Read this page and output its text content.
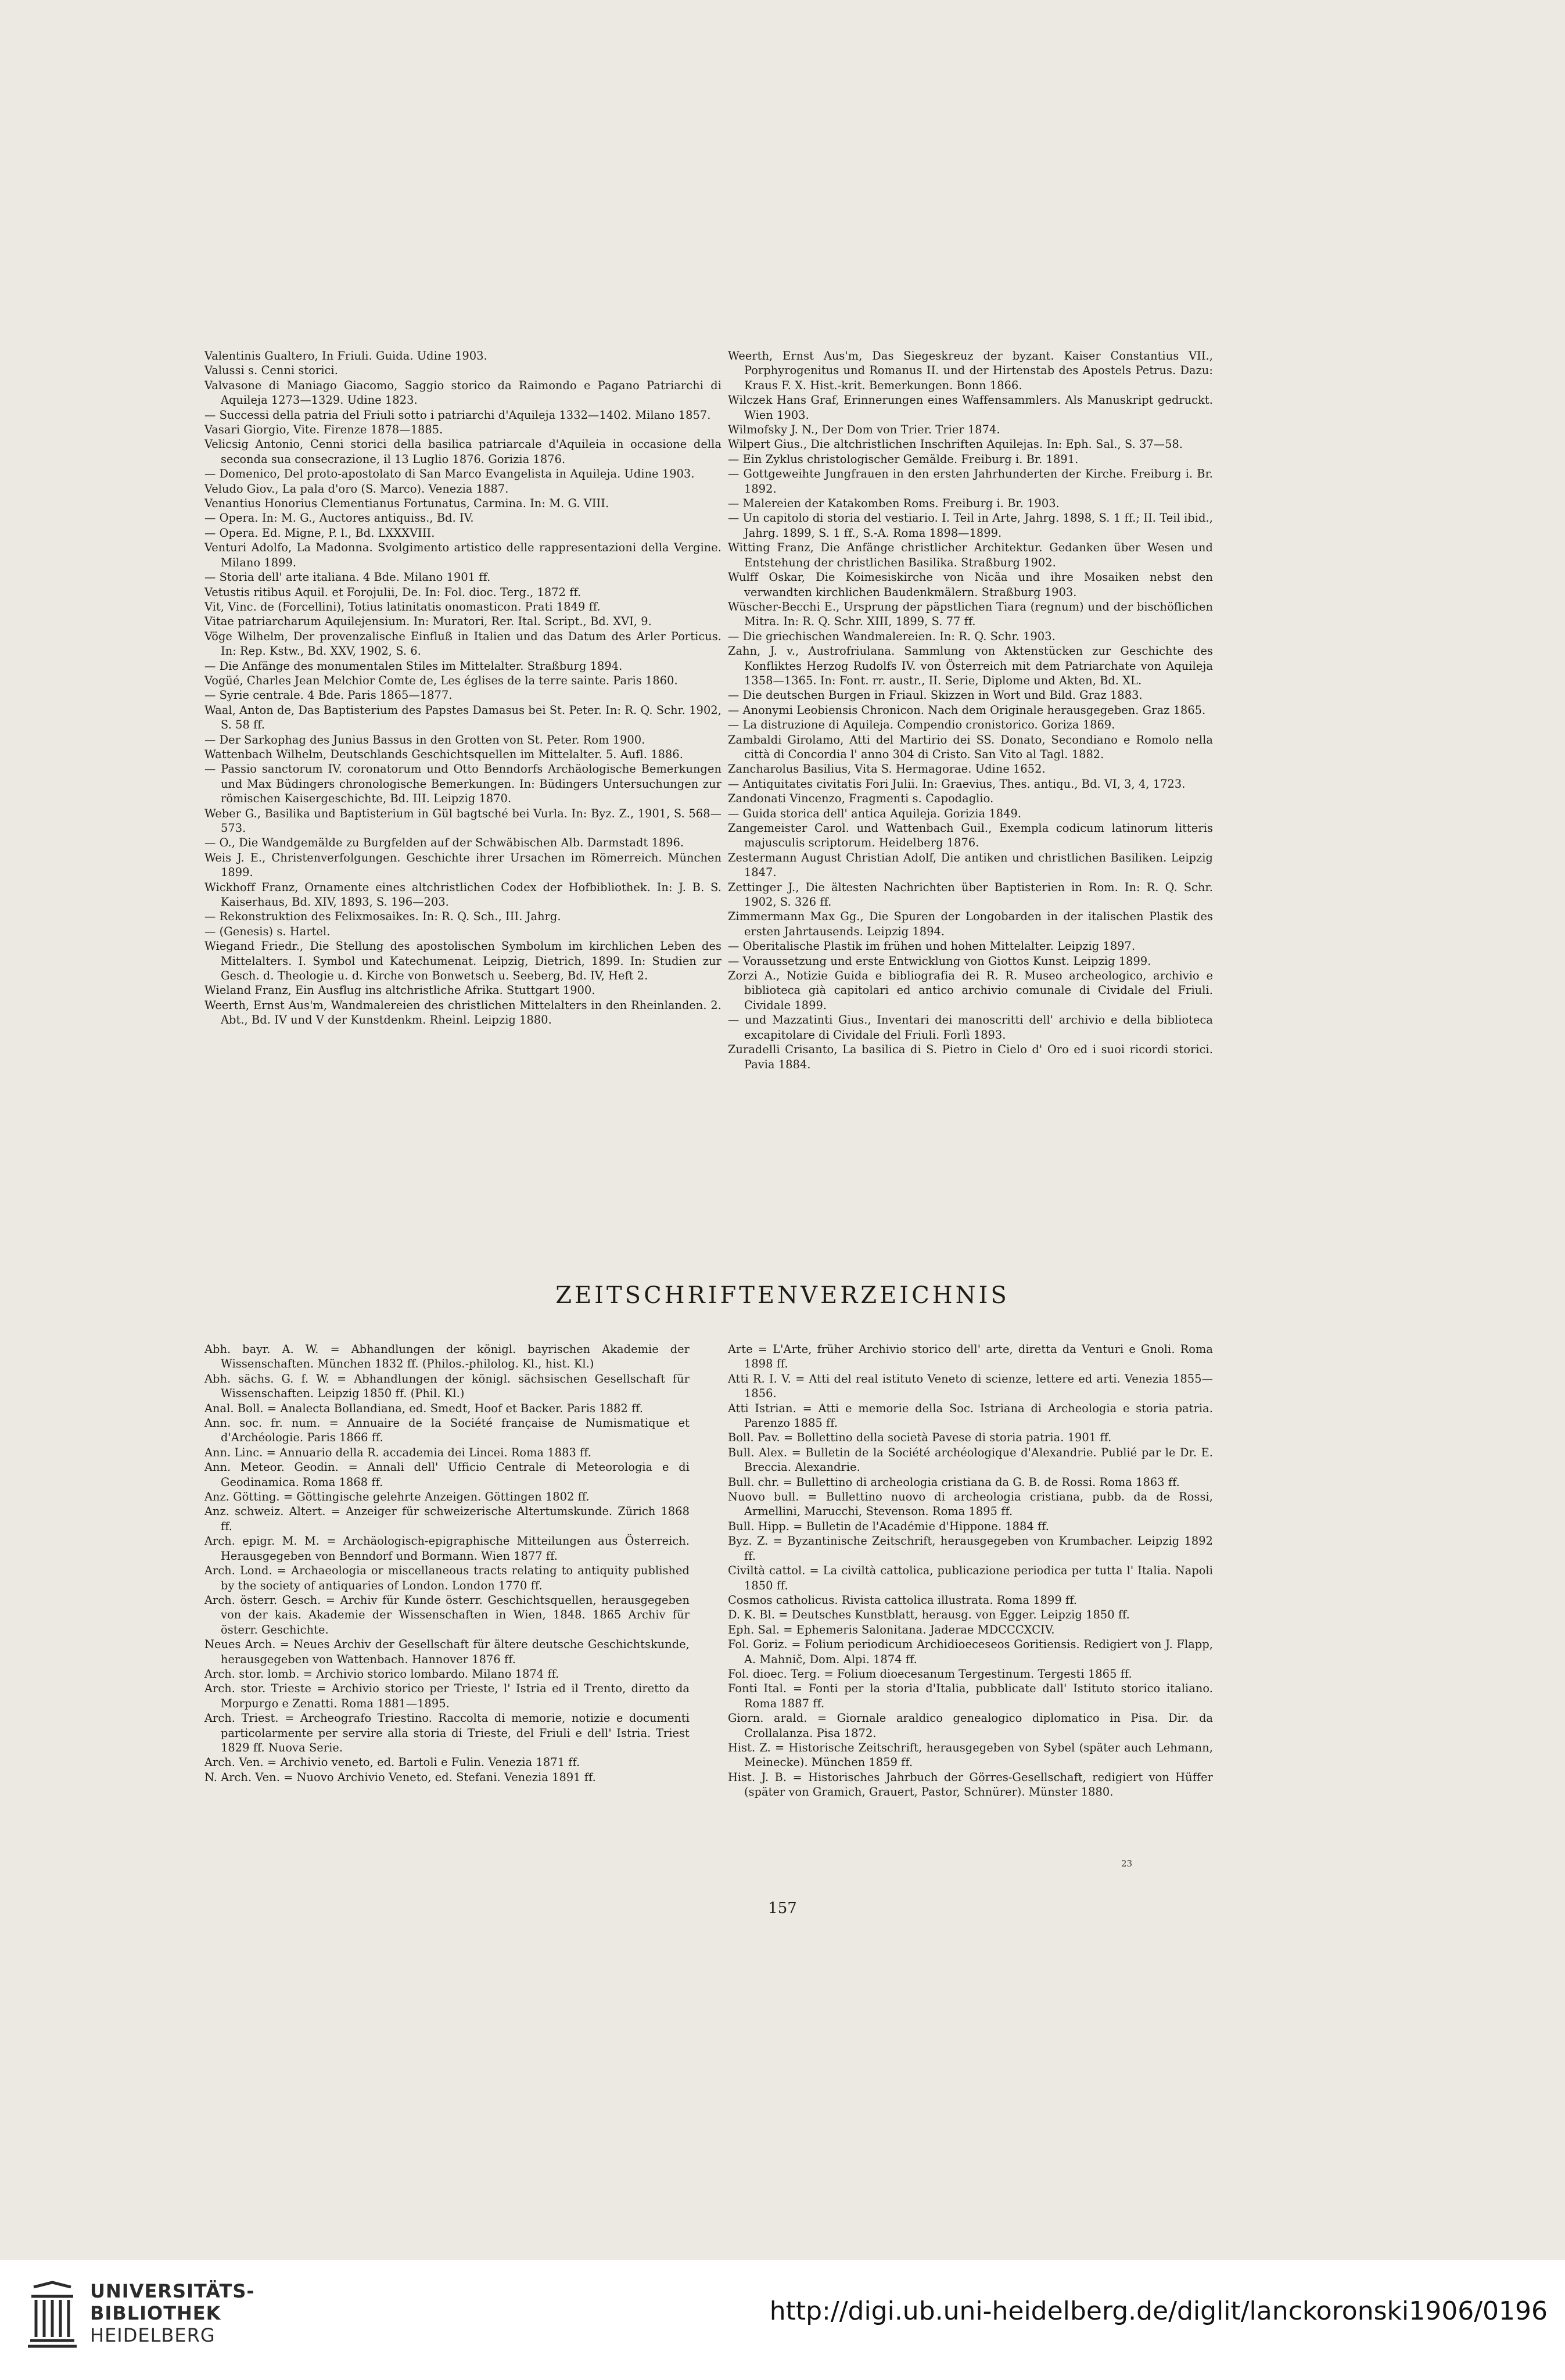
Valentinis Gualtero, In Friuli. Guida. Udine 1903.

Valussi s. Cenni storici.

Valvasone di Maniago Giacomo, Saggio storico da Raimondo e Pagano Patriarchi di Aquileja 1273—1329. Udine 1823.

— Successi della patria del Friuli sotto i patriarchi d'Aquileja 1332—1402. Milano 1857.

Vasari Giorgio, Vite. Firenze 1878—1885.

Velicsig Antonio, Cenni storici della basilica patriarcale d'Aquileia in occasione della seconda sua consecrazione, il 13 Luglio 1876. Gorizia 1876.

— Domenico, Del proto-apostolato di San Marco Evangelista in Aquileja. Udine 1903.

Veludo Giov., La pala d'oro (S. Marco). Venezia 1887.

Venantius Honorius Clementianus Fortunatus, Carmina. In: M. G. VIII.

— Opera. In: M. G., Auctores antiquiss., Bd. IV.

— Opera. Ed. Migne, P. l., Bd. LXXXVIII.

Venturi Adolfo, La Madonna. Svolgimento artistico delle rappresentazioni della Vergine. Milano 1899.

— Storia dell' arte italiana. 4 Bde. Milano 1901 ff.

Vetustis ritibus Aquil. et Forojulii, De. In: Fol. dioc. Terg., 1872 ff.

Vit, Vinc. de (Forcellini), Totius latinitatis onomasticon. Prati 1849 ff.

Vitae patriarcharum Aquilejensium. In: Muratori, Rer. Ital. Script., Bd. XVI, 9.

Vöge Wilhelm, Der provenzalische Einfluß in Italien und das Datum des Arler Porticus. In: Rep. Kstw., Bd. XXV, 1902, S. 6.

— Die Anfänge des monumentalen Stiles im Mittelalter. Straßburg 1894.

Vogüé, Charles Jean Melchior Comte de, Les églises de la terre sainte. Paris 1860.

— Syrie centrale. 4 Bde. Paris 1865—1877.

Waal, Anton de, Das Baptisterium des Papstes Damasus bei St. Peter. In: R. Q. Schr. 1902, S. 58 ff.

— Der Sarkophag des Junius Bassus in den Grotten von St. Peter. Rom 1900.

Wattenbach Wilhelm, Deutschlands Geschichtsquellen im Mittelalter. 5. Aufl. 1886.

— Passio sanctorum IV. coronatorum und Otto Benndorfs Archäologische Bemerkungen und Max Büdingers chronologische Bemerkungen. In: Büdingers Untersuchungen zur römischen Kaisergeschichte, Bd. III. Leipzig 1870.

Weber G., Basilika und Baptisterium in Gül bagtsché bei Vurla. In: Byz. Z., 1901, S. 568—573.

— O., Die Wandgemälde zu Burgfelden auf der Schwäbischen Alb. Darmstadt 1896.

Weis J. E., Christenverfolgungen. Geschichte ihrer Ursachen im Römerreich. München 1899.

Wickhoff Franz, Ornamente eines altchristlichen Codex der Hofbibliothek. In: J. B. S. Kaiserhaus, Bd. XIV, 1893, S. 196—203.

— Rekonstruktion des Felixmosaikes. In: R. Q. Sch., III. Jahrg.

— (Genesis) s. Hartel.

Wiegand Friedr., Die Stellung des apostolischen Symbolum im kirchlichen Leben des Mittelalters. I. Symbol und Katechumenat. Leipzig, Dietrich, 1899. In: Studien zur Gesch. d. Theologie u. d. Kirche von Bonwetsch u. Seeberg, Bd. IV, Heft 2.

Wieland Franz, Ein Ausflug ins altchristliche Afrika. Stuttgart 1900.

Weerth, Ernst Aus'm, Wandmalereien des christlichen Mittelalters in den Rheinlanden. 2. Abt., Bd. IV und V der Kunstdenkm. Rheinl. Leipzig 1880.

Weerth, Ernst Aus'm, Das Siegeskreuz der byzant. Kaiser Constantius VII., Porphyrogenitus und Romanus II. und der Hirtenstab des Apostels Petrus. Dazu: Kraus F. X. Hist.-krit. Bemerkungen. Bonn 1866.

Wilczek Hans Graf, Erinnerungen eines Waffensammlers. Als Manuskript gedruckt. Wien 1903.

Wilmofsky J. N., Der Dom von Trier. Trier 1874.

Wilpert Gius., Die altchristlichen Inschriften Aquilejas. In: Eph. Sal., S. 37—58.

— Ein Zyklus christologischer Gemälde. Freiburg i. Br. 1891.

— Gottgeweihte Jungfrauen in den ersten Jahrhunderten der Kirche. Freiburg i. Br. 1892.

— Malereien der Katakomben Roms. Freiburg i. Br. 1903.

— Un capitolo di storia del vestiario. I. Teil in Arte, Jahrg. 1898, S. 1 ff.; II. Teil ibid., Jahrg. 1899, S. 1 ff., S.-A. Roma 1898—1899.

Witting Franz, Die Anfänge christlicher Architektur. Gedanken über Wesen und Entstehung der christlichen Basilika. Straßburg 1902.

Wulff Oskar, Die Koimesiskirche von Nicäa und ihre Mosaiken nebst den verwandten kirchlichen Baudenkmälern. Straßburg 1903.

Wüscher-Becchi E., Ursprung der päpstlichen Tiara (regnum) und der bischöflichen Mitra. In: R. Q. Schr. XIII, 1899, S. 77 ff.

— Die griechischen Wandmalereien. In: R. Q. Schr. 1903.

Zahn, J. v., Austrofriulana. Sammlung von Aktenstücken zur Geschichte des Konfliktes Herzog Rudolfs IV. von Österreich mit dem Patriarchate von Aquileja 1358—1365. In: Font. rr. austr., II. Serie, Diplome und Akten, Bd. XL.

— Die deutschen Burgen in Friaul. Skizzen in Wort und Bild. Graz 1883.

— Anonymi Leobiensis Chronicon. Nach dem Originale herausgegeben. Graz 1865.

— La distruzione di Aquileja. Compendio cronistorico. Goriza 1869.

Zambaldi Girolamo, Atti del Martirio dei SS. Donato, Secondiano e Romolo nella città di Concordia l' anno 304 di Cristo. San Vito al Tagl. 1882.

Zancharolus Basilius, Vita S. Hermagorae. Udine 1652.

— Antiquitates civitatis Fori Julii. In: Graevius, Thes. antiqu., Bd. VI, 3, 4, 1723.

Zandonati Vincenzo, Fragmenti s. Capodaglio.

— Guida storica dell' antica Aquileja. Gorizia 1849.

Zangemeister Carol. und Wattenbach Guil., Exempla codicum latinorum litteris majusculis scriptorum. Heidelberg 1876.

Zestermann August Christian Adolf, Die antiken und christlichen Basiliken. Leipzig 1847.

Zettinger J., Die ältesten Nachrichten über Baptisterien in Rom. In: R. Q. Schr. 1902, S. 326 ff.

Zimmermann Max Gg., Die Spuren der Longobarden in der italischen Plastik des ersten Jahrtausends. Leipzig 1894.

— Oberitalische Plastik im frühen und hohen Mittelalter. Leipzig 1897.

— Voraussetzung und erste Entwicklung von Giottos Kunst. Leipzig 1899.

Zorzi A., Notizie Guida e bibliografia dei R. R. Museo archeologico, archivio e biblioteca già capitolari ed antico archivio comunale di Cividale del Friuli. Cividale 1899.

— und Mazzatinti Gius., Inventari dei manoscritti dell' archivio e della biblioteca excapitolare di Cividale del Friuli. Forlì 1893.

Zuradelli Crisanto, La basilica di S. Pietro in Cielo d' Oro ed i suoi ricordi storici. Pavia 1884.

ZEITSCHRIFTENVERZEICHNIS

Abh. bayr. A. W. = Abhandlungen der königl. bayrischen Akademie der Wissenschaften. München 1832 ff. (Philos.-philolog. Kl., hist. Kl.)

Abh. sächs. G. f. W. = Abhandlungen der königl. sächsischen Gesellschaft für Wissenschaften. Leipzig 1850 ff. (Phil. Kl.)

Anal. Boll. = Analecta Bollandiana, ed. Smedt, Hoof et Backer. Paris 1882 ff.

Ann. soc. fr. num. = Annuaire de la Société française de Numismatique et d'Archéologie. Paris 1866 ff.

Ann. Linc. = Annuario della R. accademia dei Lincei. Roma 1883 ff.

Ann. Meteor. Geodin. = Annali dell' Ufficio Centrale di Meteorologia e di Geodinamica. Roma 1868 ff.

Anz. Götting. = Göttingische gelehrte Anzeigen. Göttingen 1802 ff.

Anz. schweiz. Altert. = Anzeiger für schweizerische Altertumskunde. Zürich 1868 ff.

Arch. epigr. M. M. = Archäologisch-epigraphische Mitteilungen aus Österreich. Herausgegeben von Benndorf und Bormann. Wien 1877 ff.

Arch. Lond. = Archaeologia or miscellaneous tracts relating to antiquity published by the society of antiquaries of London. London 1770 ff.

Arch. österr. Gesch. = Archiv für Kunde österr. Geschichtsquellen, herausgegeben von der kais. Akademie der Wissenschaften in Wien, 1848. 1865 Archiv für österr. Geschichte.

Neues Arch. = Neues Archiv der Gesellschaft für ältere deutsche Geschichtskunde, herausgegeben von Wattenbach. Hannover 1876 ff.

Arch. stor. lomb. = Archivio storico lombardo. Milano 1874 ff.

Arch. stor. Trieste = Archivio storico per Trieste, l' Istria ed il Trento, diretto da Morpurgo e Zenatti. Roma 1881—1895.

Arch. Triest. = Archeografo Triestino. Raccolta di memorie, notizie e documenti particolarmente per servire alla storia di Trieste, del Friuli e dell' Istria. Triest 1829 ff. Nuova Serie.

Arch. Ven. = Archivio veneto, ed. Bartoli e Fulin. Venezia 1871 ff.

N. Arch. Ven. = Nuovo Archivio Veneto, ed. Stefani. Venezia 1891 ff.

Arte = L'Arte, früher Archivio storico dell' arte, diretta da Venturi e Gnoli. Roma 1898 ff.

Atti R. I. V. = Atti del real istituto Veneto di scienze, lettere ed arti. Venezia 1855—1856.

Atti Istrian. = Atti e memorie della Soc. Istriana di Archeologia e storia patria. Parenzo 1885 ff.

Boll. Pav. = Bollettino della società Pavese di storia patria. 1901 ff.

Bull. Alex. = Bulletin de la Société archéologique d'Alexandrie. Publié par le Dr. E. Breccia. Alexandrie.

Bull. chr. = Bullettino di archeologia cristiana da G. B. de Rossi. Roma 1863 ff.

Nuovo bull. = Bullettino nuovo di archeologia cristiana, pubb. da de Rossi, Armellini, Marucchi, Stevenson. Roma 1895 ff.

Bull. Hipp. = Bulletin de l'Académie d'Hippone. 1884 ff.

Byz. Z. = Byzantinische Zeitschrift, herausgegeben von Krumbacher. Leipzig 1892 ff.

Civiltà cattol. = La civiltà cattolica, publicazione periodica per tutta l' Italia. Napoli 1850 ff.

Cosmos catholicus. Rivista cattolica illustrata. Roma 1899 ff.

D. K. Bl. = Deutsches Kunstblatt, herausg. von Egger. Leipzig 1850 ff.

Eph. Sal. = Ephemeris Salonitana. Jaderae MDCCCXCIV.

Fol. Goriz. = Folium periodicum Archidioeceseos Goritiensis. Redigiert von J. Flapp, A. Mahnič, Dom. Alpi. 1874 ff.

Fol. dioec. Terg. = Folium dioecesanum Tergestinum. Tergesti 1865 ff.

Fonti Ital. = Fonti per la storia d'Italia, pubblicate dall' Istituto storico italiano. Roma 1887 ff.

Giorn. arald. = Giornale araldico genealogico diplomatico in Pisa. Dir. da Crollalanza. Pisa 1872.

Hist. Z. = Historische Zeitschrift, herausgegeben von Sybel (später auch Lehmann, Meinecke). München 1859 ff.

Hist. J. B. = Historisches Jahrbuch der Görres-Gesellschaft, redigiert von Hüffer (später von Gramich, Grauert, Pastor, Schnürer). Münster 1880.

23
157
UNIVERSITÄTS-
BIBLIOTHEK
HEIDELBERG
http://digi.ub.uni-heidelberg.de/diglit/lanckoronski1906/0196
